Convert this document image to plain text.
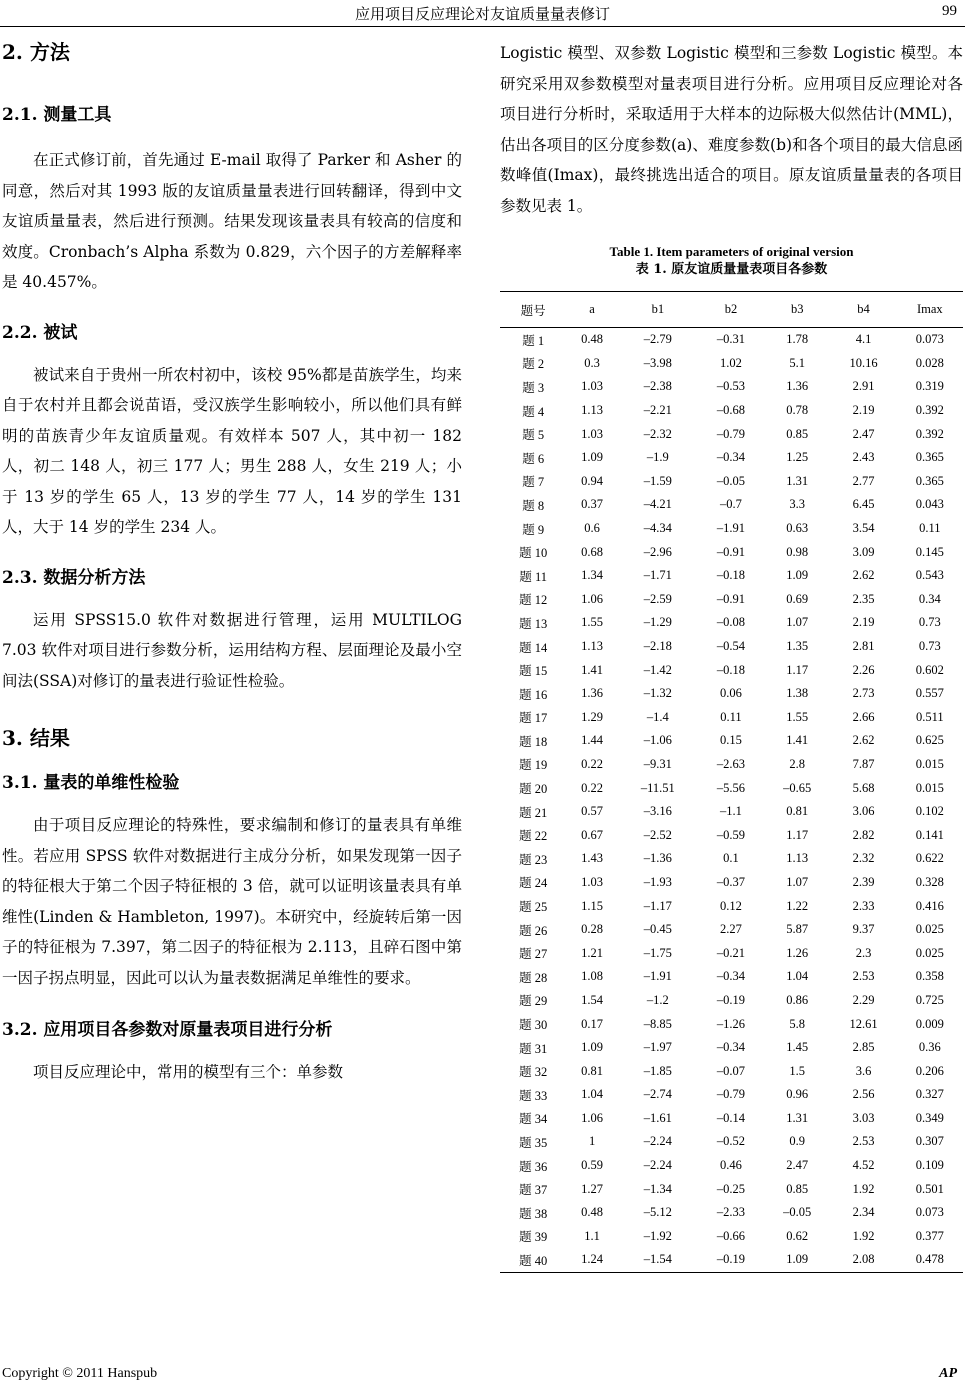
应用项目反应理论对友谊质量量表修订	99

2. 方法

2.1. 测量工具

在正式修订前，首先通过 E-mail 取得了 Parker 和 Asher 的同意，然后对其 1993 版的友谊质量量表进行回转翻译，得到中文友谊质量量表，然后进行预测。结果发现该量表具有较高的信度和效度。Cronbach’s Alpha 系数为 0.829，六个因子的方差解释率是 40.457%。

2.2. 被试

被试来自于贵州一所农村初中，该校 95%都是苗族学生，均来自于农村并且都会说苗语，受汉族学生影响较小，所以他们具有鲜明的苗族青少年友谊质量观。有效样本 507 人，其中初一 182 人，初二 148 人，初三 177 人；男生 288 人，女生 219 人；小于 13 岁的学生 65 人，13 岁的学生 77 人，14 岁的学生 131 人，大于 14 岁的学生 234 人。

2.3. 数据分析方法

运用 SPSS15.0 软件对数据进行管理，运用 MULTILOG 7.03 软件对项目进行参数分析，运用结构方程、层面理论及最小空间法(SSA)对修订的量表进行验证性检验。

3. 结果

3.1. 量表的单维性检验

由于项目反应理论的特殊性，要求编制和修订的量表具有单维性。若应用 SPSS 软件对数据进行主成分分析，如果发现第一因子的特征根大于第二个因子特征根的 3 倍，就可以证明该量表具有单维性(Linden & Hambleton, 1997)。本研究中，经旋转后第一因子的特征根为 7.397，第二因子的特征根为 2.113，且碎石图中第一因子拐点明显，因此可以认为量表数据满足单维性的要求。

3.2. 应用项目各参数对原量表项目进行分析

项目反应理论中，常用的模型有三个：单参数

Logistic 模型、双参数 Logistic 模型和三参数 Logistic 模型。本研究采用双参数模型对量表项目进行分析。应用项目反应理论对各项目进行分析时，采取适用于大样本的边际极大似然估计(MML)，估出各项目的区分度参数(a)、难度参数(b)和各个项目的最大信息函数峰值(Imax)，最终挑选出适合的项目。原友谊质量量表的各项目参数见表 1。

Table 1. Item parameters of original version
表 1. 原友谊质量量表项目各参数
题号	a	b1	b2	b3	b4	Imax
题 1	0.48	–2.79	–0.31	1.78	4.1	0.073
题 2	0.3	–3.98	1.02	5.1	10.16	0.028
题 3	1.03	–2.38	–0.53	1.36	2.91	0.319
题 4	1.13	–2.21	–0.68	0.78	2.19	0.392
题 5	1.03	–2.32	–0.79	0.85	2.47	0.392
题 6	1.09	–1.9	–0.34	1.25	2.43	0.365
题 7	0.94	–1.59	–0.05	1.31	2.77	0.365
题 8	0.37	–4.21	–0.7	3.3	6.45	0.043
题 9	0.6	–4.34	–1.91	0.63	3.54	0.11
题 10	0.68	–2.96	–0.91	0.98	3.09	0.145
题 11	1.34	–1.71	–0.18	1.09	2.62	0.543
题 12	1.06	–2.59	–0.91	0.69	2.35	0.34
题 13	1.55	–1.29	–0.08	1.07	2.19	0.73
题 14	1.13	–2.18	–0.54	1.35	2.81	0.73
题 15	1.41	–1.42	–0.18	1.17	2.26	0.602
题 16	1.36	–1.32	0.06	1.38	2.73	0.557
题 17	1.29	–1.4	0.11	1.55	2.66	0.511
题 18	1.44	–1.06	0.15	1.41	2.62	0.625
题 19	0.22	–9.31	–2.63	2.8	7.87	0.015
题 20	0.22	–11.51	–5.56	–0.65	5.68	0.015
题 21	0.57	–3.16	–1.1	0.81	3.06	0.102
题 22	0.67	–2.52	–0.59	1.17	2.82	0.141
题 23	1.43	–1.36	0.1	1.13	2.32	0.622
题 24	1.03	–1.93	–0.37	1.07	2.39	0.328
题 25	1.15	–1.17	0.12	1.22	2.33	0.416
题 26	0.28	–0.45	2.27	5.87	9.37	0.025
题 27	1.21	–1.75	–0.21	1.26	2.3	0.025
题 28	1.08	–1.91	–0.34	1.04	2.53	0.358
题 29	1.54	–1.2	–0.19	0.86	2.29	0.725
题 30	0.17	–8.85	–1.26	5.8	12.61	0.009
题 31	1.09	–1.97	–0.34	1.45	2.85	0.36
题 32	0.81	–1.85	–0.07	1.5	3.6	0.206
题 33	1.04	–2.74	–0.79	0.96	2.56	0.327
题 34	1.06	–1.61	–0.14	1.31	3.03	0.349
题 35	1	–2.24	–0.52	0.9	2.53	0.307
题 36	0.59	–2.24	0.46	2.47	4.52	0.109
题 37	1.27	–1.34	–0.25	0.85	1.92	0.501
题 38	0.48	–5.12	–2.33	–0.05	2.34	0.073
题 39	1.1	–1.92	–0.66	0.62	1.92	0.377
题 40	1.24	–1.54	–0.19	1.09	2.08	0.478
Copyright © 2011 Hanspub	AP
